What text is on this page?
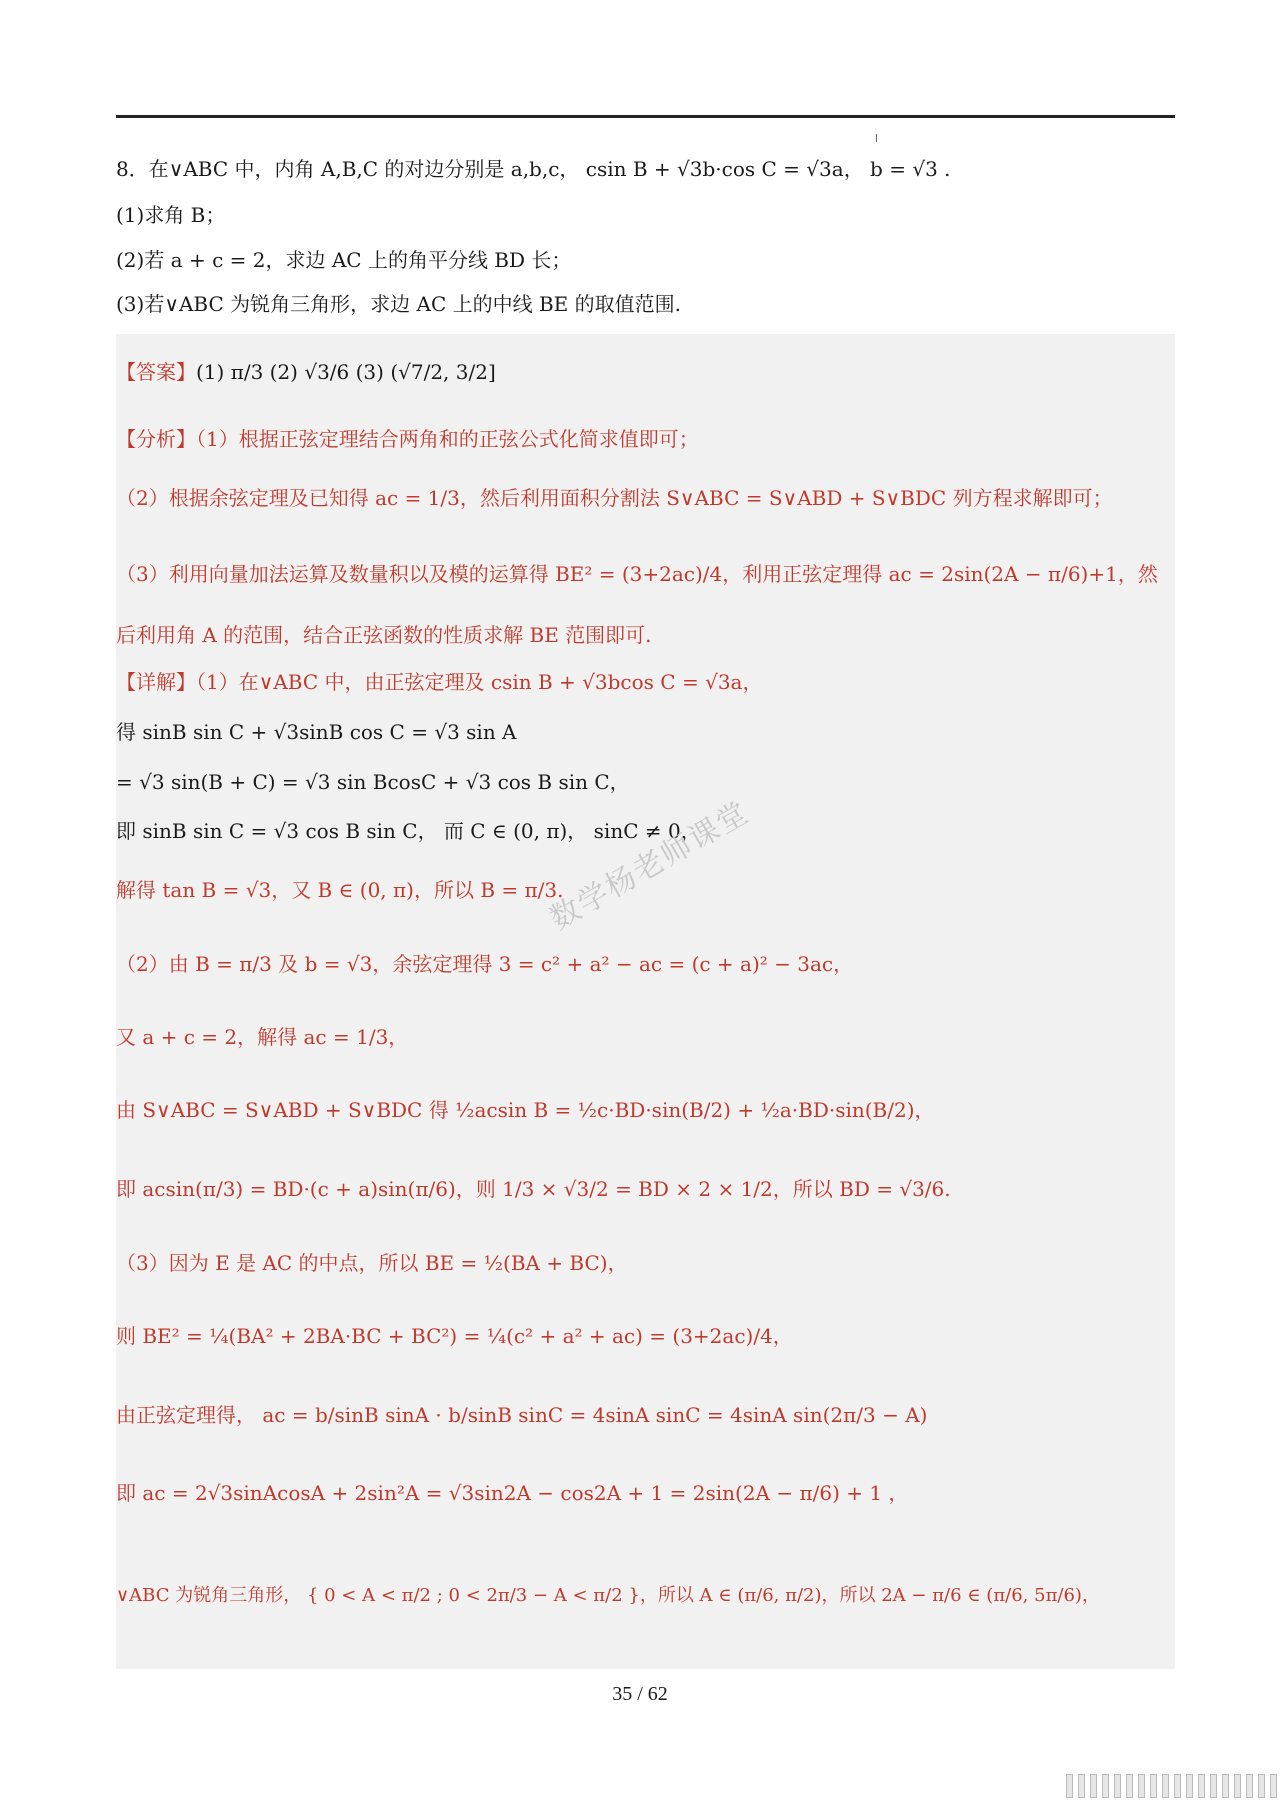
8．在∨ABC 中，内角 A,B,C 的对边分别是 a,b,c， csin B + √3b·cos C = √3a， b = √3 .
(1)求角 B；
(2)若 a + c = 2，求边 AC 上的角平分线 BD 长；
(3)若∨ABC 为锐角三角形，求边 AC 上的中线 BE 的取值范围.
【答案】(1) π/3 (2) √3/6 (3) (√7/2, 3/2]
【分析】（1）根据正弦定理结合两角和的正弦公式化简求值即可；
（2）根据余弦定理及已知得 ac = 1/3，然后利用面积分割法 S∨ABC = S∨ABD + S∨BDC 列方程求解即可；
（3）利用向量加法运算及数量积以及模的运算得 BE² = (3+2ac)/4，利用正弦定理得 ac = 2sin(2A − π/6)+1，然
后利用角 A 的范围，结合正弦函数的性质求解 BE 范围即可.
【详解】（1）在∨ABC 中，由正弦定理及 csin B + √3bcos C = √3a，
得 sinB sin C + √3sinB cos C = √3 sin A
= √3 sin(B + C) = √3 sin BcosC + √3 cos B sin C，
即 sinB sin C = √3 cos B sin C， 而 C ∈ (0, π)， sinC ≠ 0，
解得 tan B = √3，又 B ∈ (0, π)，所以 B = π/3.
（2）由 B = π/3 及 b = √3，余弦定理得 3 = c² + a² − ac = (c + a)² − 3ac，
又 a + c = 2，解得 ac = 1/3，
由 S∨ABC = S∨ABD + S∨BDC 得 ½acsin B = ½c·BD·sin(B/2) + ½a·BD·sin(B/2)，
即 acsin(π/3) = BD·(c + a)sin(π/6)，则 1/3 × √3/2 = BD × 2 × 1/2，所以 BD = √3/6.
（3）因为 E 是 AC 的中点，所以 BE = ½(BA + BC)，
则 BE² = ¼(BA² + 2BA·BC + BC²) = ¼(c² + a² + ac) = (3+2ac)/4，
由正弦定理得， ac = b/sinB sinA · b/sinB sinC = 4sinA sinC = 4sinA sin(2π/3 − A)
即 ac = 2√3sinAcosA + 2sin²A = √3sin2A − cos2A + 1 = 2sin(2A − π/6) + 1 ，
∨ABC 为锐角三角形， { 0 < A < π/2 ; 0 < 2π/3 − A < π/2 }，所以 A ∈ (π/6, π/2)，所以 2A − π/6 ∈ (π/6, 5π/6)，
数学杨老师课堂
35 / 62
